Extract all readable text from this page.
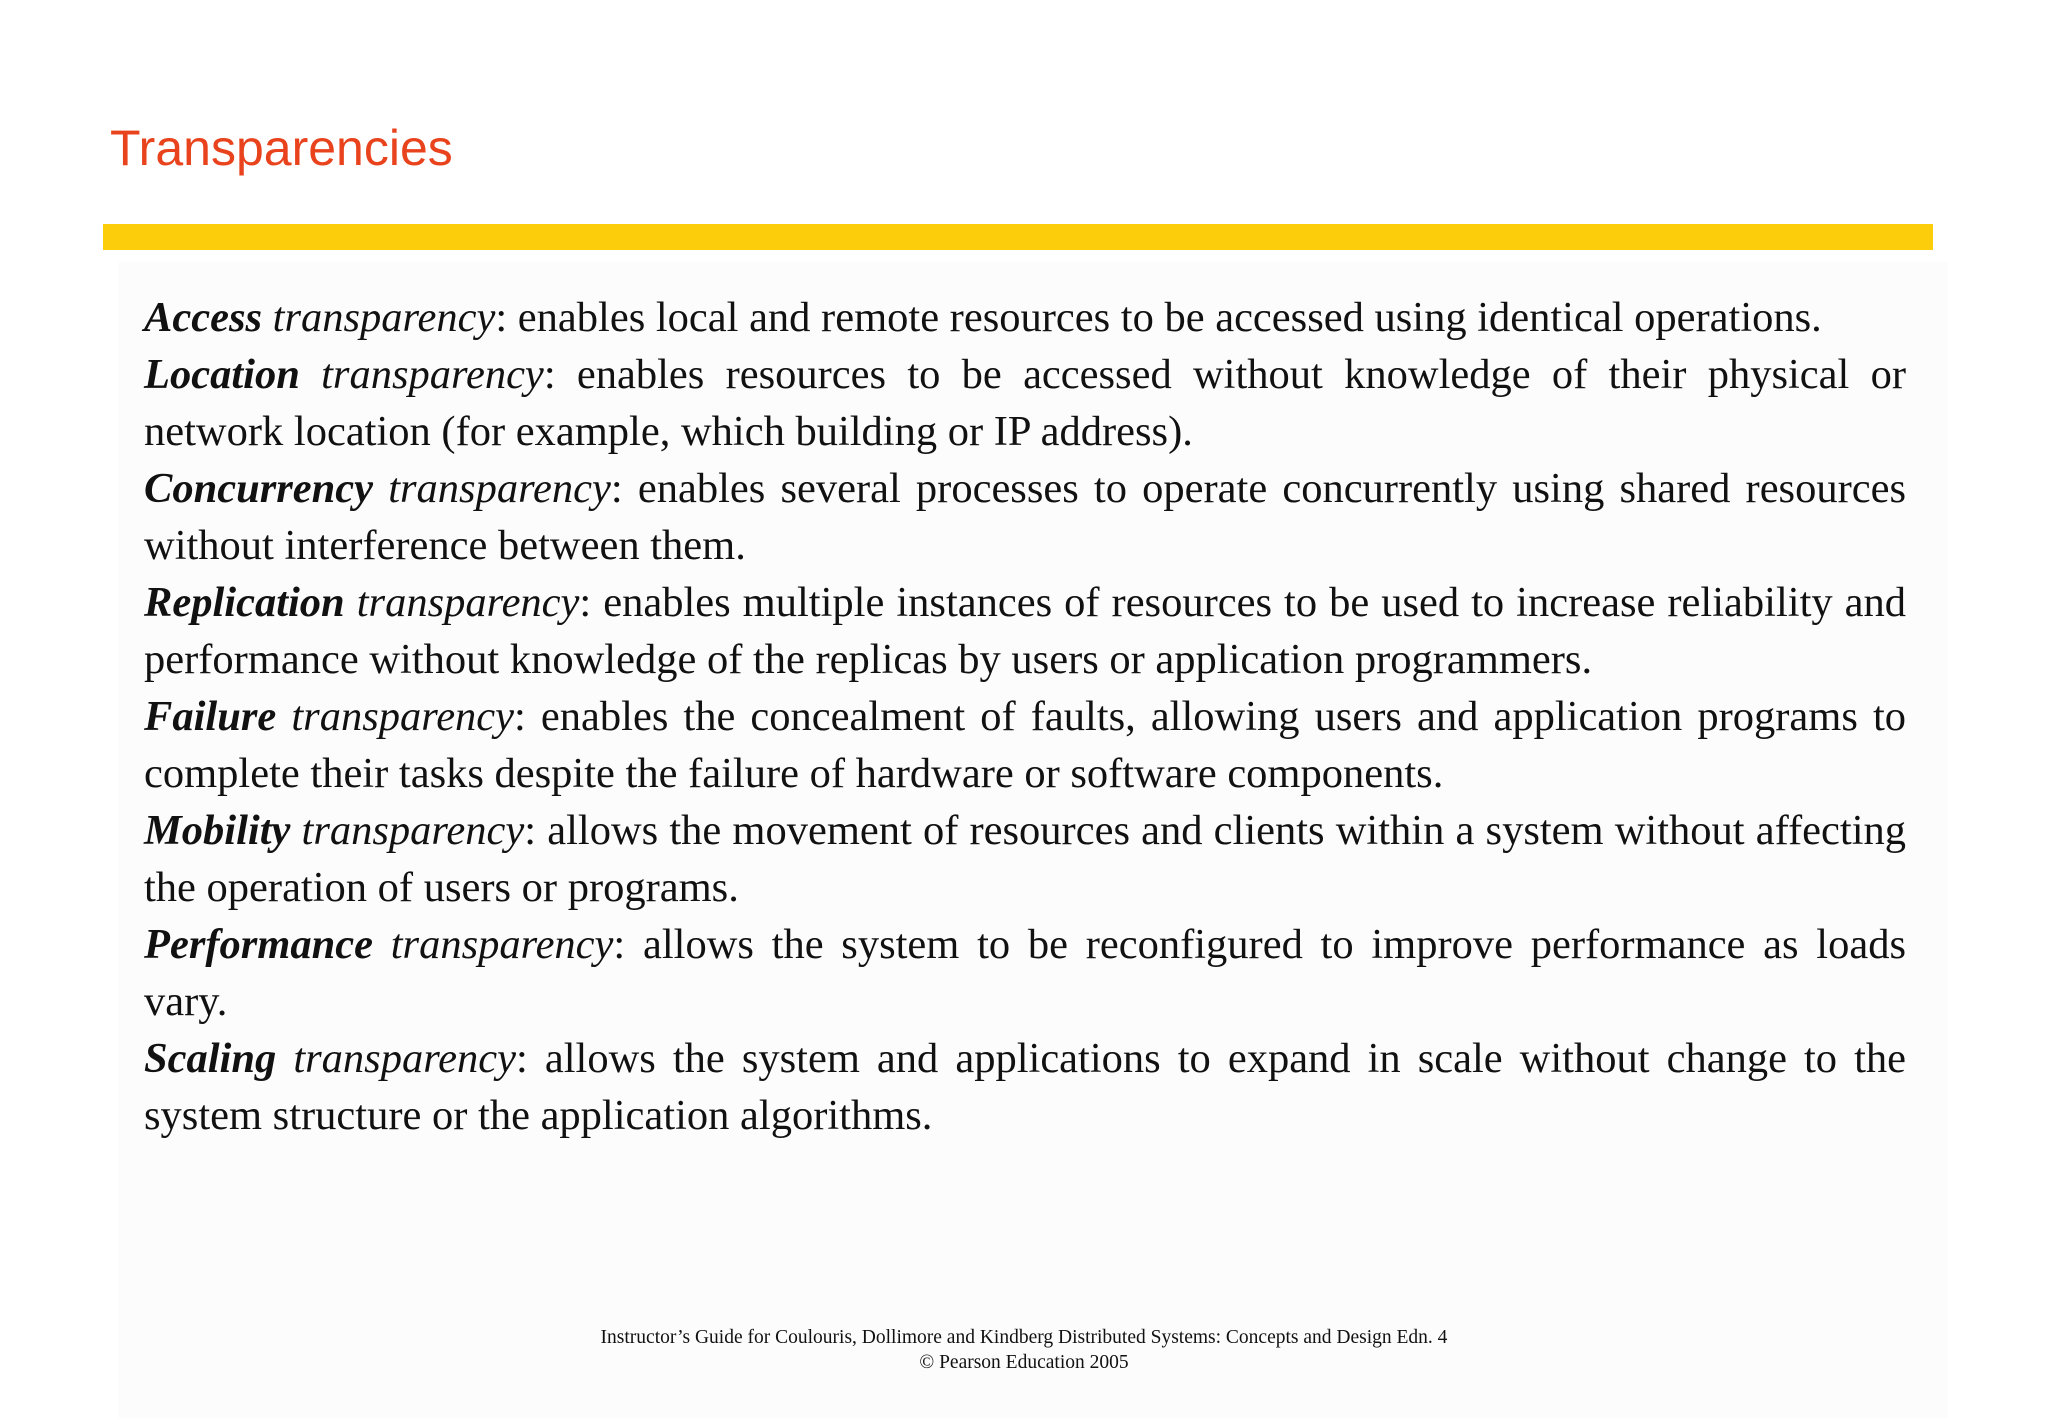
Transparencies
Access transparency: enables local and remote resources to be accessed using identical operations.
Location transparency: enables resources to be accessed without knowledge of their physical or network location (for example, which building or IP address).
Concurrency transparency: enables several processes to operate concurrently using shared resources without interference between them.
Replication transparency: enables multiple instances of resources to be used to increase reliability and performance without knowledge of the replicas by users or application programmers.
Failure transparency: enables the concealment of faults, allowing users and application programs to complete their tasks despite the failure of hardware or software components.
Mobility transparency: allows the movement of resources and clients within a system without affecting the operation of users or programs.
Performance transparency: allows the system to be reconfigured to improve performance as loads vary.
Scaling transparency: allows the system and applications to expand in scale without change to the system structure or the application algorithms.
Instructor’s Guide for Coulouris, Dollimore and Kindberg Distributed Systems: Concepts and Design Edn. 4
© Pearson Education 2005
